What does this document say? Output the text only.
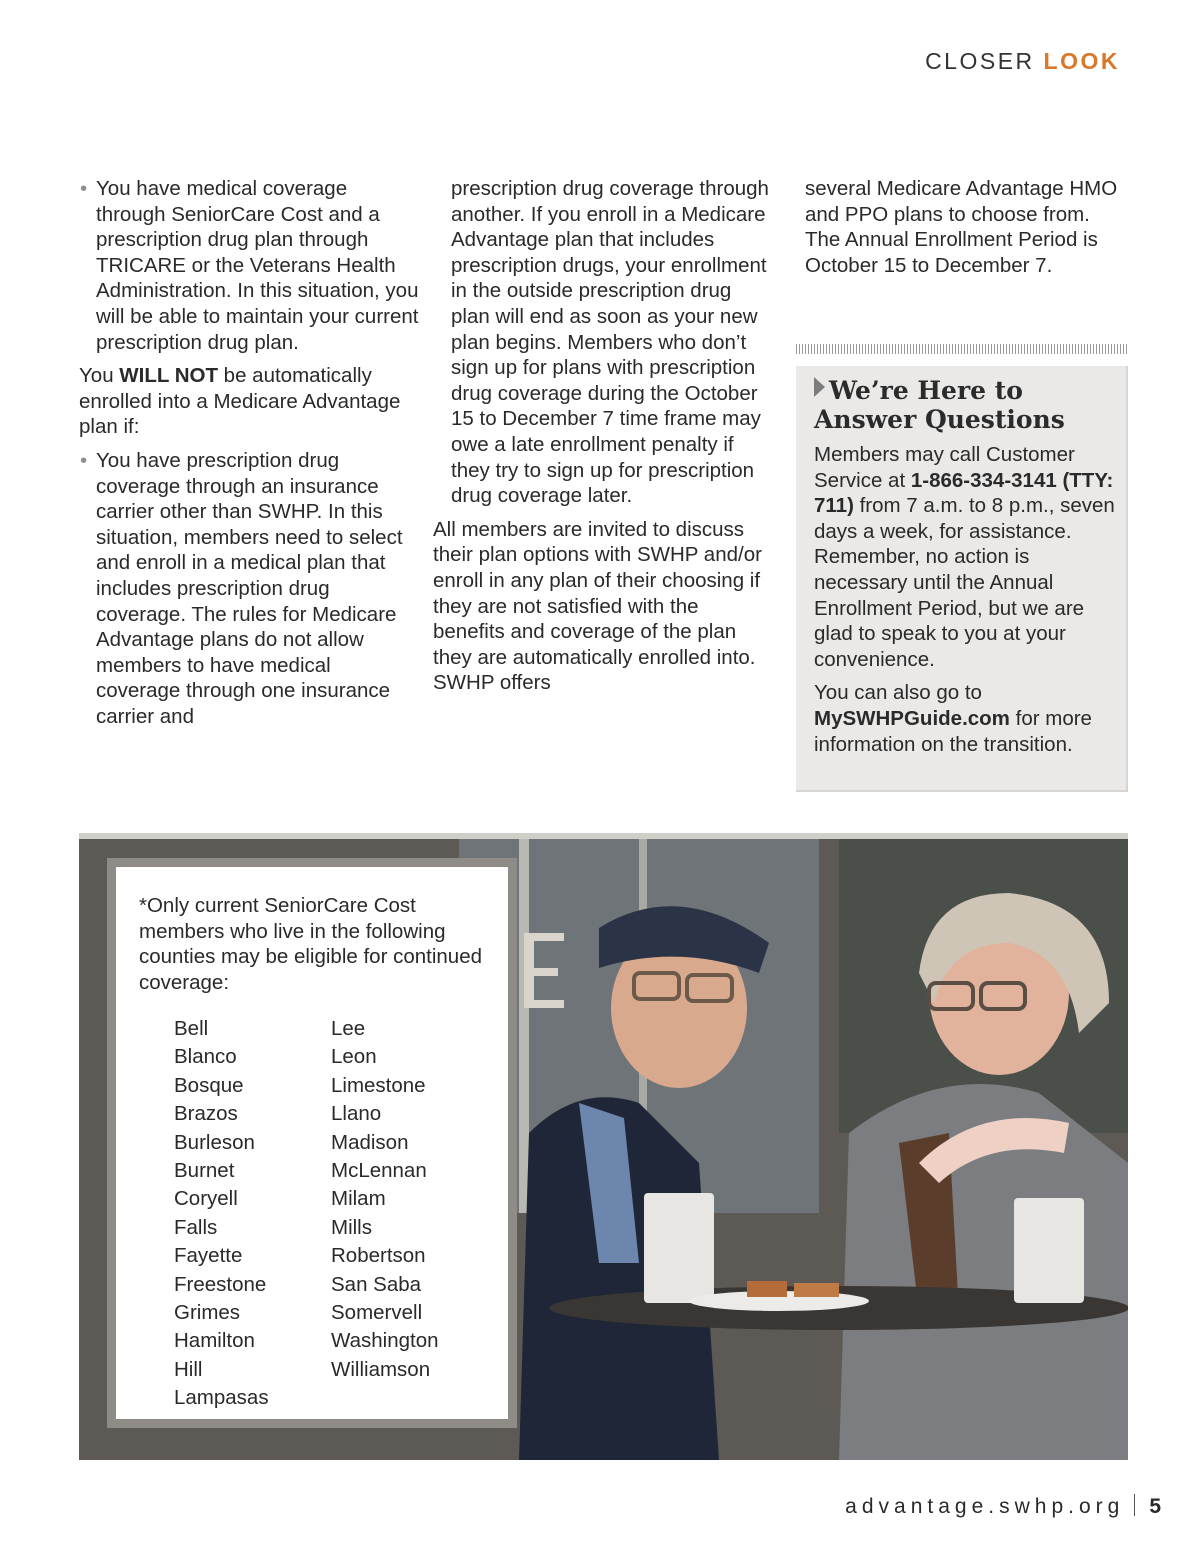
CLOSER LOOK

• You have medical coverage through SeniorCare Cost and a prescription drug plan through TRICARE or the Veterans Health Administration. In this situation, you will be able to maintain your current prescription drug plan.

You WILL NOT be automatically enrolled into a Medicare Advantage plan if:

• You have prescription drug coverage through an insurance carrier other than SWHP. In this situation, members need to select and enroll in a medical plan that includes prescription drug coverage. The rules for Medicare Advantage plans do not allow members to have medical coverage through one insurance carrier and

prescription drug coverage through another. If you enroll in a Medicare Advantage plan that includes prescription drugs, your enrollment in the outside prescription drug plan will end as soon as your new plan begins. Members who don’t sign up for plans with prescription drug coverage during the October 15 to December 7 time frame may owe a late enrollment penalty if they try to sign up for prescription drug coverage later.

All members are invited to discuss their plan options with SWHP and/or enroll in any plan of their choosing if they are not satisfied with the benefits and coverage of the plan they are automatically enrolled into. SWHP offers

several Medicare Advantage HMO and PPO plans to choose from. The Annual Enrollment Period is October 15 to December 7.

We’re Here to Answer Questions

Members may call Customer Service at 1-866-334-3141 (TTY: 711) from 7 a.m. to 8 p.m., seven days a week, for assistance. Remember, no action is necessary until the Annual Enrollment Period, but we are glad to speak to you at your convenience.

You can also go to MySWHPGuide.com for more information on the transition.

*Only current SeniorCare Cost members who live in the following counties may be eligible for continued coverage:

Bell
Blanco
Bosque
Brazos
Burleson
Burnet
Coryell
Falls
Fayette
Freestone
Grimes
Hamilton
Hill
Lampasas
Lee
Leon
Limestone
Llano
Madison
McLennan
Milam
Mills
Robertson
San Saba
Somervell
Washington
Williamson
advantage.swhp.org 5
